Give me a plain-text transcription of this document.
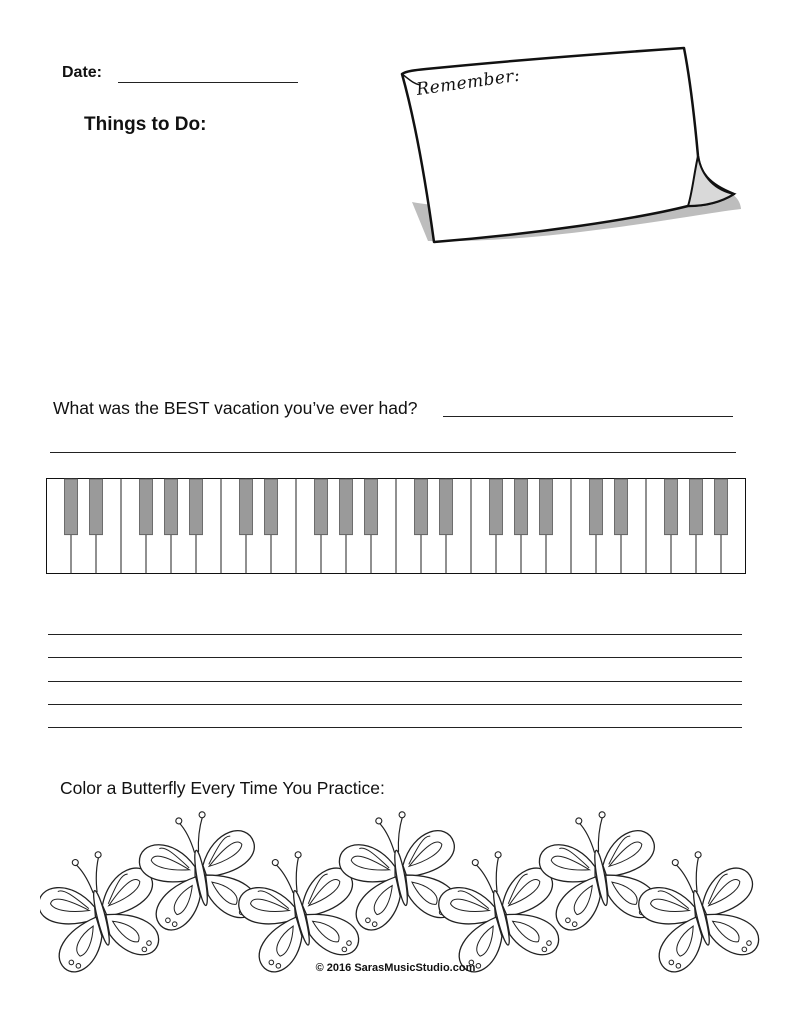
Date:
Things to Do:
Remember:
What was the BEST vacation you’ve ever had?
Color a Butterfly Every Time You Practice:
© 2016 SarasMusicStudio.com
